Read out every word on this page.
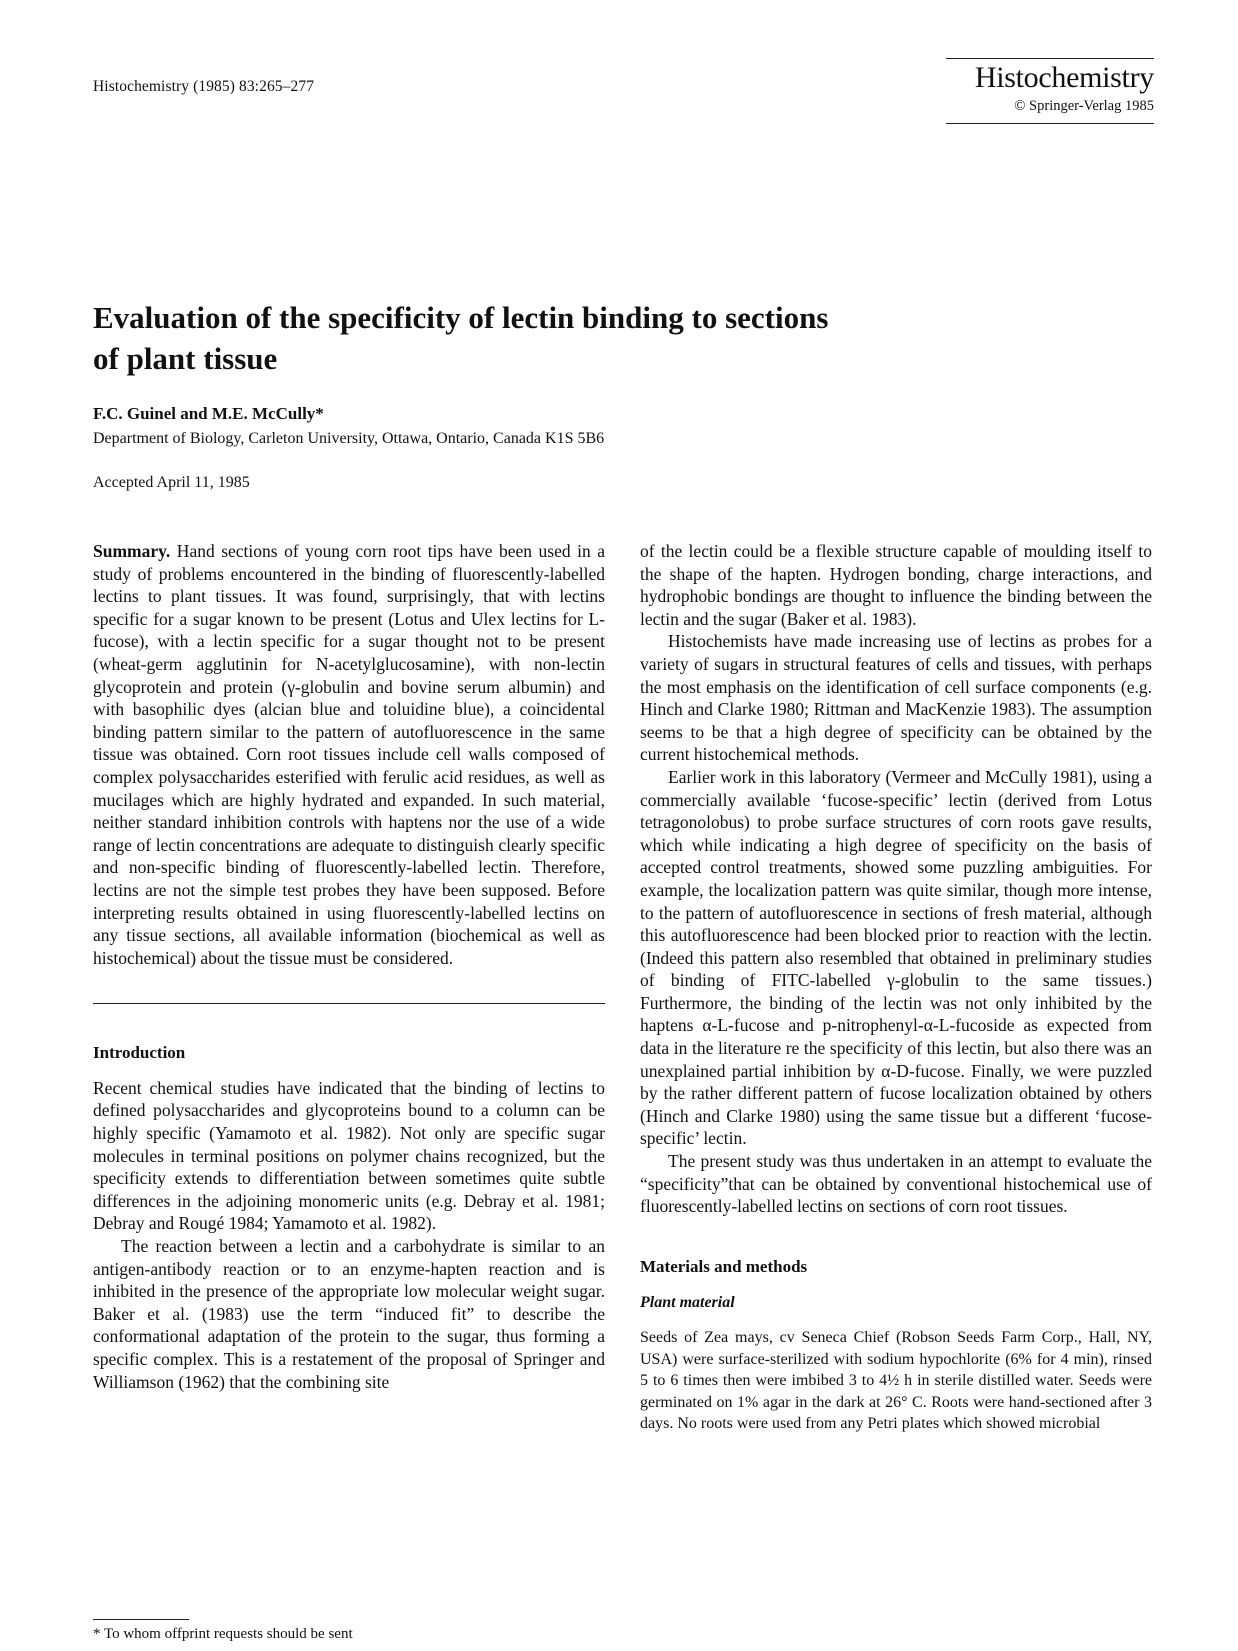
Histochemistry (1985) 83:265–277	Histochemistry
© Springer-Verlag 1985
Evaluation of the specificity of lectin binding to sections of plant tissue
F.C. Guinel and M.E. McCully*
Department of Biology, Carleton University, Ottawa, Ontario, Canada K1S 5B6
Accepted April 11, 1985

Summary. Hand sections of young corn root tips have been used in a study of problems encountered in the binding of fluorescently-labelled lectins to plant tissues. It was found, surprisingly, that with lectins specific for a sugar known to be present (Lotus and Ulex lectins for L-fucose), with a lectin specific for a sugar thought not to be present (wheat-germ agglutinin for N-acetylglucosamine), with non-lectin glycoprotein and protein (γ-globulin and bovine serum albumin) and with basophilic dyes (alcian blue and toluidine blue), a coincidental binding pattern similar to the pattern of autofluorescence in the same tissue was obtained. Corn root tissues include cell walls composed of complex polysaccharides esterified with ferulic acid residues, as well as mucilages which are highly hydrated and expanded. In such material, neither standard inhibition controls with haptens nor the use of a wide range of lectin concentrations are adequate to distinguish clearly specific and non-specific binding of fluorescently-labelled lectin. Therefore, lectins are not the simple test probes they have been supposed. Before interpreting results obtained in using fluorescently-labelled lectins on any tissue sections, all available information (biochemical as well as histochemical) about the tissue must be considered.

Introduction

Recent chemical studies have indicated that the binding of lectins to defined polysaccharides and glycoproteins bound to a column can be highly specific (Yamamoto et al. 1982). Not only are specific sugar molecules in terminal positions on polymer chains recognized, but the specificity extends to differentiation between sometimes quite subtle differences in the adjoining monomeric units (e.g. Debray et al. 1981; Debray and Rougé 1984; Yamamoto et al. 1982).

The reaction between a lectin and a carbohydrate is similar to an antigen-antibody reaction or to an enzyme-hapten reaction and is inhibited in the presence of the appropriate low molecular weight sugar. Baker et al. (1983) use the term “induced fit” to describe the conformational adaptation of the protein to the sugar, thus forming a specific complex. This is a restatement of the proposal of Springer and Williamson (1962) that the combining site

of the lectin could be a flexible structure capable of moulding itself to the shape of the hapten. Hydrogen bonding, charge interactions, and hydrophobic bondings are thought to influence the binding between the lectin and the sugar (Baker et al. 1983).

Histochemists have made increasing use of lectins as probes for a variety of sugars in structural features of cells and tissues, with perhaps the most emphasis on the identification of cell surface components (e.g. Hinch and Clarke 1980; Rittman and MacKenzie 1983). The assumption seems to be that a high degree of specificity can be obtained by the current histochemical methods.

Earlier work in this laboratory (Vermeer and McCully 1981), using a commercially available ‘fucose-specific’ lectin (derived from Lotus tetragonolobus) to probe surface structures of corn roots gave results, which while indicating a high degree of specificity on the basis of accepted control treatments, showed some puzzling ambiguities. For example, the localization pattern was quite similar, though more intense, to the pattern of autofluorescence in sections of fresh material, although this autofluorescence had been blocked prior to reaction with the lectin. (Indeed this pattern also resembled that obtained in preliminary studies of binding of FITC-labelled γ-globulin to the same tissues.) Furthermore, the binding of the lectin was not only inhibited by the haptens α-L-fucose and p-nitrophenyl-α-L-fucoside as expected from data in the literature re the specificity of this lectin, but also there was an unexplained partial inhibition by α-D-fucose. Finally, we were puzzled by the rather different pattern of fucose localization obtained by others (Hinch and Clarke 1980) using the same tissue but a different ‘fucose-specific’ lectin.

The present study was thus undertaken in an attempt to evaluate the “specificity”that can be obtained by conventional histochemical use of fluorescently-labelled lectins on sections of corn root tissues.

Materials and methods
Plant material

Seeds of Zea mays, cv Seneca Chief (Robson Seeds Farm Corp., Hall, NY, USA) were surface-sterilized with sodium hypochlorite (6% for 4 min), rinsed 5 to 6 times then were imbibed 3 to 4½ h in sterile distilled water. Seeds were germinated on 1% agar in the dark at 26° C. Roots were hand-sectioned after 3 days. No roots were used from any Petri plates which showed microbial

* To whom offprint requests should be sent
